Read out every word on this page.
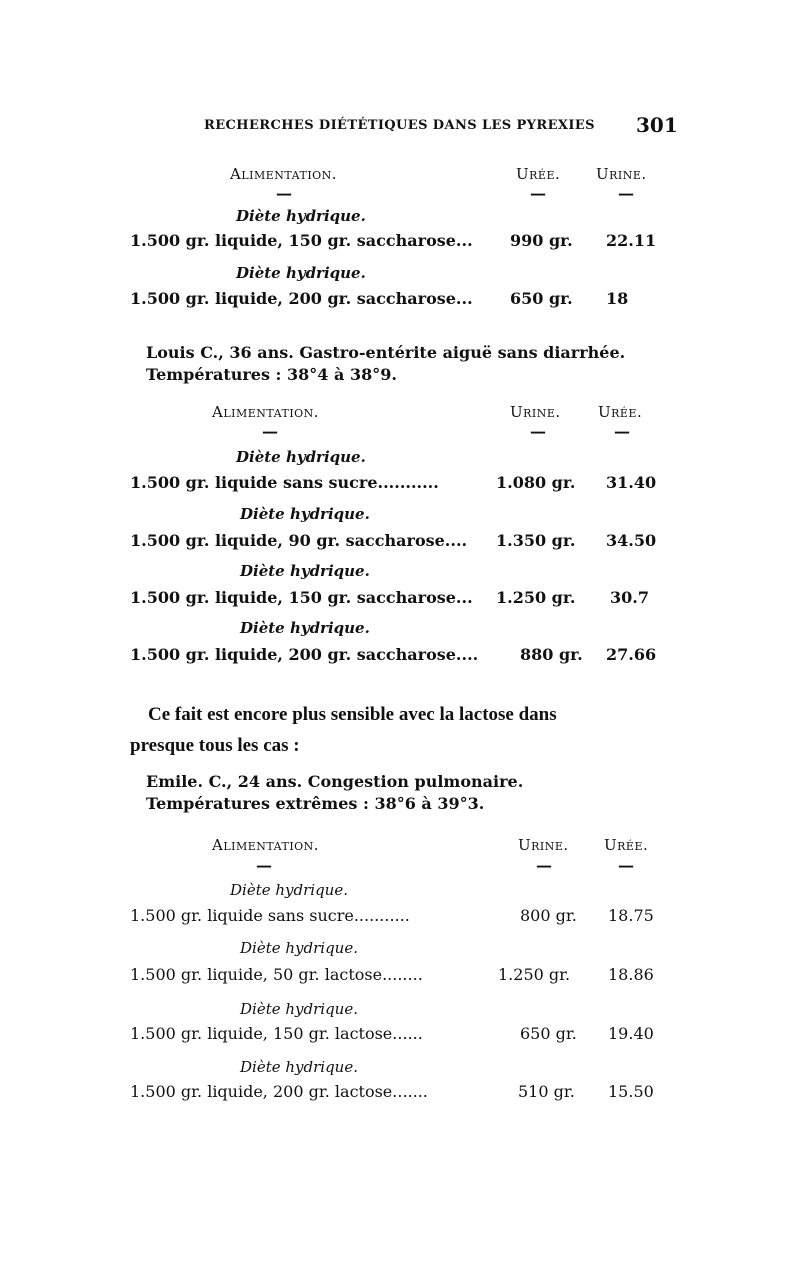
RECHERCHES DIÉTÉTIQUES DANS LES PYREXIES 301
Alimentation.	Urée. Urine.
—	—	—
Diète hydrique.
1.500 gr. liquide, 150 gr. saccharose... 990 gr. 22.11
Diète hydrique.
1.500 gr. liquide, 200 gr. saccharose... 650 gr. 18
Louis C., 36 ans. Gastro-entérite aiguë sans diarrhée.
Températures : 38°4 à 38°9.
Alimentation.	Urine. Urée.
—	—	—
Diète hydrique.
1.500 gr. liquide sans sucre...........	1.080 gr. 31.40
Diète hydrique.
1.500 gr. liquide, 90 gr. saccharose.... 1.350 gr. 34.50
Diète hydrique.
1.500 gr. liquide, 150 gr. saccharose... 1.250 gr. 30.7
Diète hydrique.
1.500 gr. liquide, 200 gr. saccharose....	880 gr. 27.66
Ce fait est encore plus sensible avec la lactose dans
presque tous les cas :
Emile. C., 24 ans. Congestion pulmonaire.
Températures extrêmes : 38°6 à 39°3.
Alimentation.	Urine. Urée.
—	—	—
Diète hydrique.
1.500 gr. liquide sans sucre...........	800 gr. 18.75
Diète hydrique.
1.500 gr. liquide, 50 gr. lactose........	1.250 gr. 18.86
Diète hydrique.
1.500 gr. liquide, 150 gr. lactose......	650 gr. 19.40
Diète hydrique.
1.500 gr. liquide, 200 gr. lactose.......	510 gr. 15.50
